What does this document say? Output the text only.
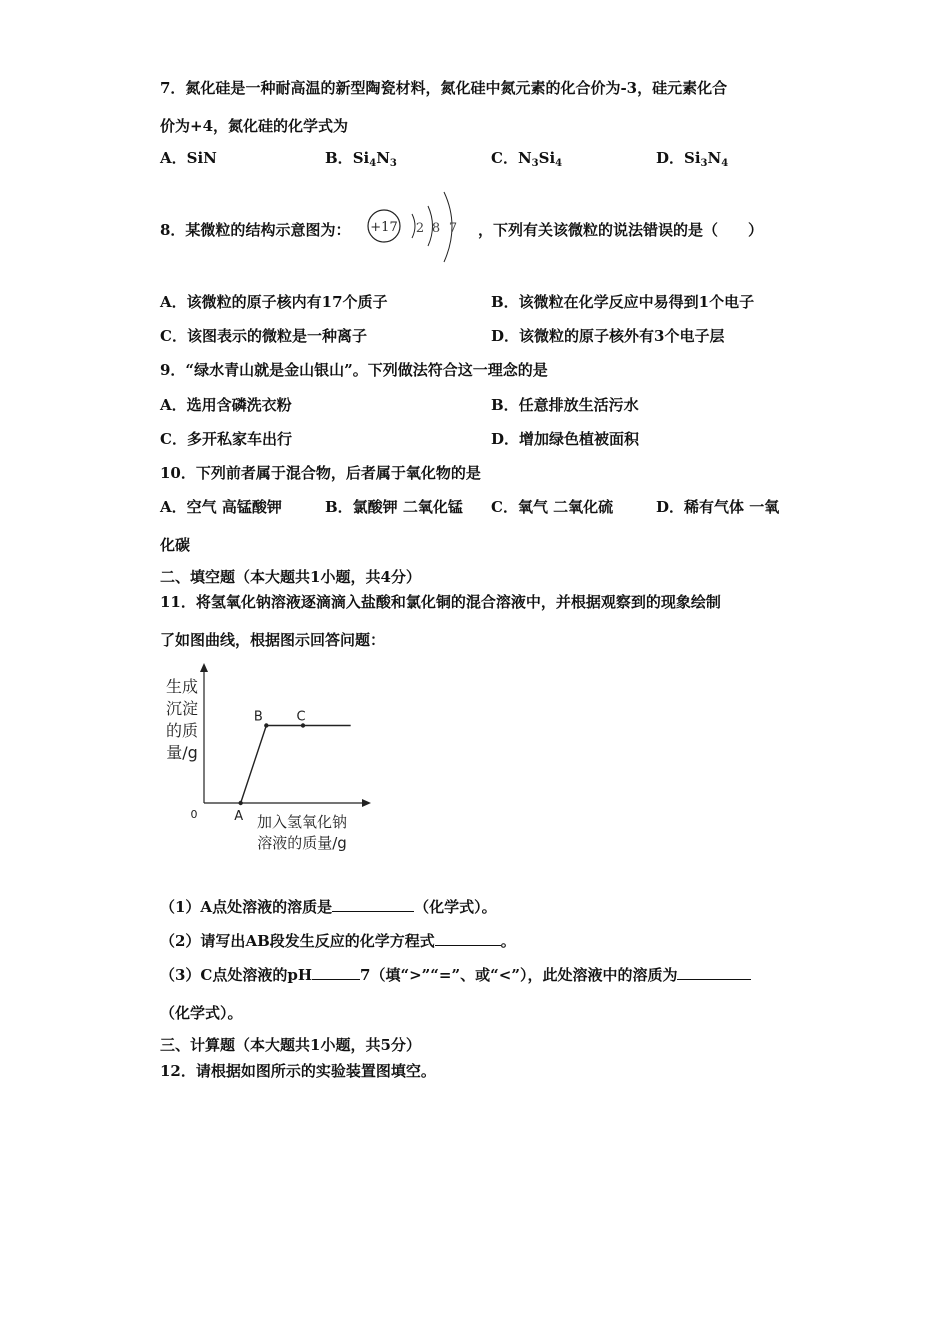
7．氮化硅是一种耐高温的新型陶瓷材料，氮化硅中氮元素的化合价为-3，硅元素化合
价为+4，氮化硅的化学式为
A．SiN	B．$Si_4N_3$	C．$N_3Si_4$	D．$Si_3N_4$
8．某微粒的结构示意图为： +17 2 8 7 ，下列有关该微粒的说法错误的是（　　）
A．该微粒的原子核内有17个质子	B．该微粒在化学反应中易得到1个电子
C．该图表示的微粒是一种离子	D．该微粒的原子核外有3个电子层
9．“绿水青山就是金山银山”。下列做法符合这一理念的是
A．选用含磷洗衣粉	B．任意排放生活污水
C．多开私家车出行	D．增加绿色植被面积
10．下列前者属于混合物，后者属于氧化物的是
A．空气 高锰酸钾	B．氯酸钾 二氧化锰 C．氧气 二氧化硫	D．稀有气体 一氧
化碳
二、填空题（本大题共1小题，共4分）
11．将氢氧化钠溶液逐滴滴入盐酸和氯化铜的混合溶液中，并根据观察到的现象绘制
了如图曲线，根据图示回答问题：
0
生成
沉淀
的质
量/g
加入氢氧化钠
溶液的质量/g
A
B	C
（1）A点处溶液的溶质是	（化学式）。
（2）请写出AB段发生反应的化学方程式	。
（3）C点处溶液的pH	7（填“>”“=”、或“<”），此处溶液中的溶质为
（化学式）。
三、计算题（本大题共1小题，共5分）
12．请根据如图所示的实验装置图填空。
